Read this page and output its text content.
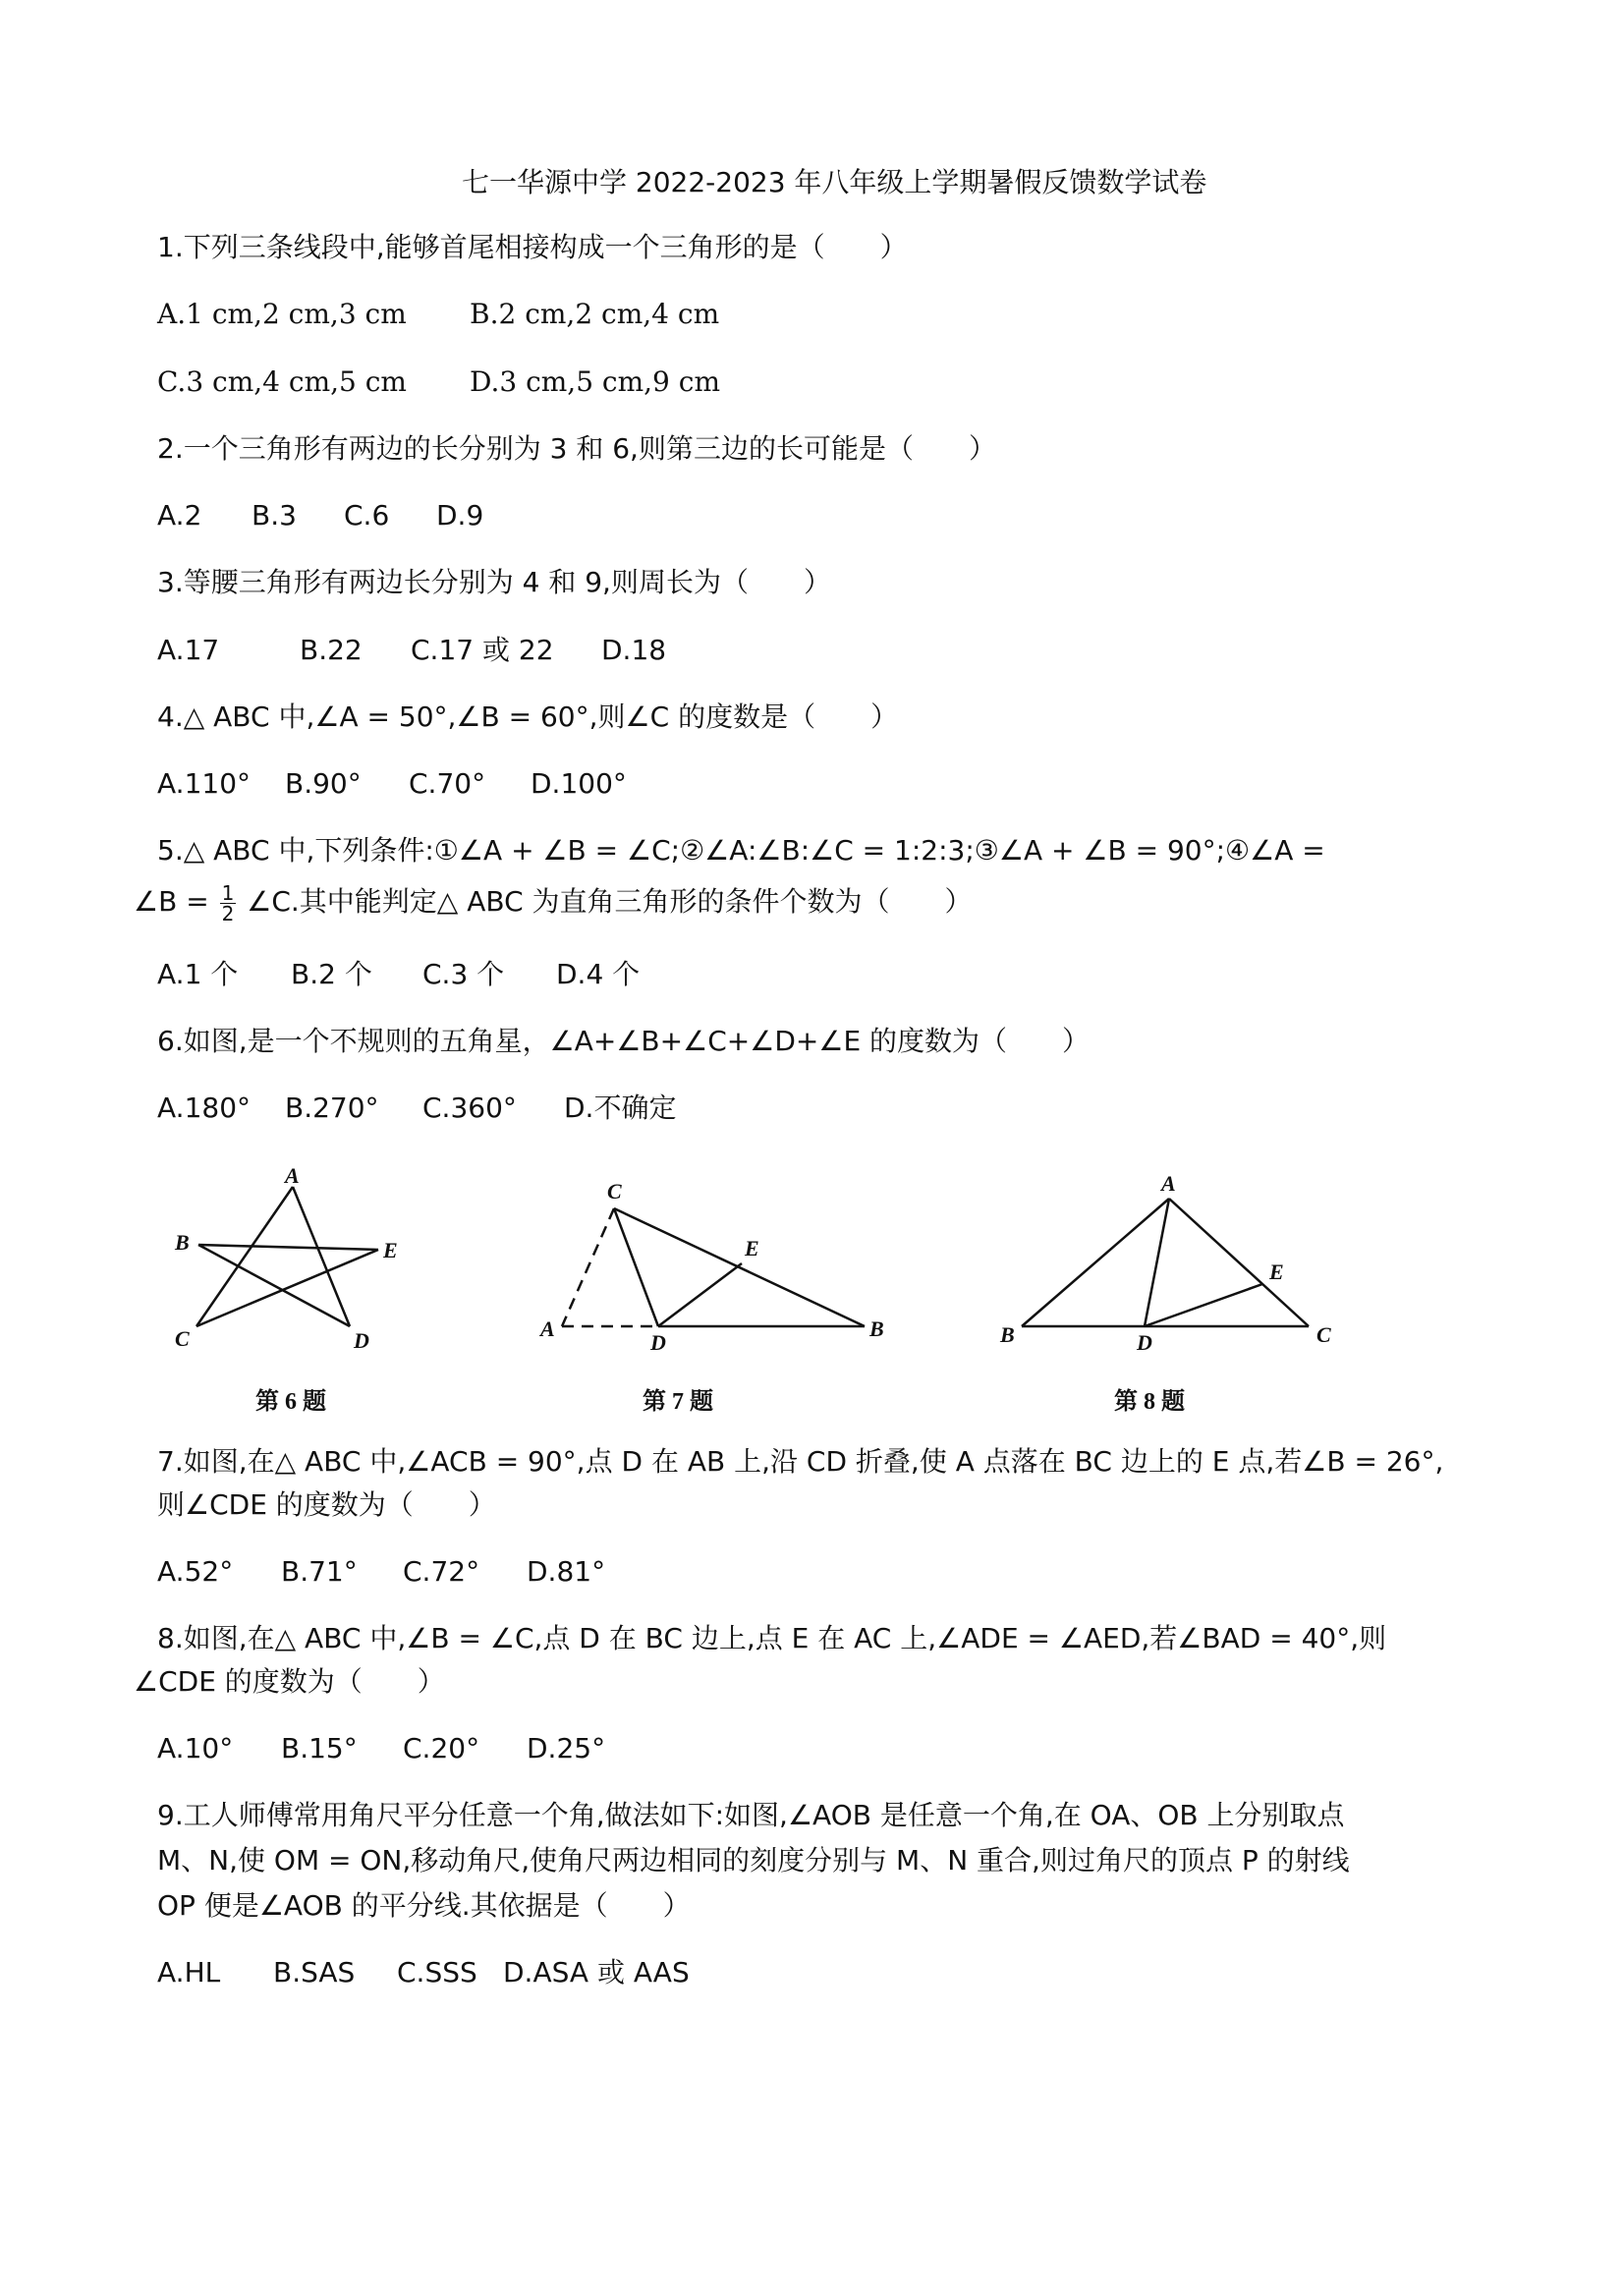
七一华源中学 2022-2023 年八年级上学期暑假反馈数学试卷
1.下列三条线段中,能够首尾相接构成一个三角形的是（　　）
A.1 cm,2 cm,3 cm B.2 cm,2 cm,4 cm
C.3 cm,4 cm,5 cm D.3 cm,5 cm,9 cm
2.一个三角形有两边的长分别为 3 和 6,则第三边的长可能是（　　）
A.2 B.3 C.6 D.9
3.等腰三角形有两边长分别为 4 和 9,则周长为（　　）
A.17	B.22 C.17 或 22 D.18
4.△ ABC 中,∠A = 50°,∠B = 60°,则∠C 的度数是（　　）
A.110° B.90° C.70° D.100°
5.△ ABC 中,下列条件:①∠A + ∠B = ∠C;②∠A:∠B:∠C = 1:2:3;③∠A + ∠B = 90°;④∠A =
∠B = $\frac{1}{2}$ ∠C.其中能判定△ ABC 为直角三角形的条件个数为（　　）
A.1 个 B.2 个 C.3 个 D.4 个
6.如图,是一个不规则的五角星，∠A+∠B+∠C+∠D+∠E 的度数为（　　）
A.180° B.270° C.360° D.不确定
A
B
C	D
E
第 6 题
C
A
D
E
B
第 7 题
A
B	D
E
C
第 8 题
7.如图,在△ ABC 中,∠ACB = 90°,点 D 在 AB 上,沿 CD 折叠,使 A 点落在 BC 边上的 E 点,若∠B = 26°,
则∠CDE 的度数为（　　）
A.52° B.71° C.72° D.81°
8.如图,在△ ABC 中,∠B = ∠C,点 D 在 BC 边上,点 E 在 AC 上,∠ADE = ∠AED,若∠BAD = 40°,则
∠CDE 的度数为（　　）
A.10° B.15° C.20° D.25°
9.工人师傅常用角尺平分任意一个角,做法如下:如图,∠AOB 是任意一个角,在 OA、OB 上分别取点
M、N,使 OM = ON,移动角尺,使角尺两边相同的刻度分别与 M、N 重合,则过角尺的顶点 P 的射线
OP 便是∠AOB 的平分线.其依据是（　　）
A.HL B.SAS C.SSS D.ASA 或 AAS
